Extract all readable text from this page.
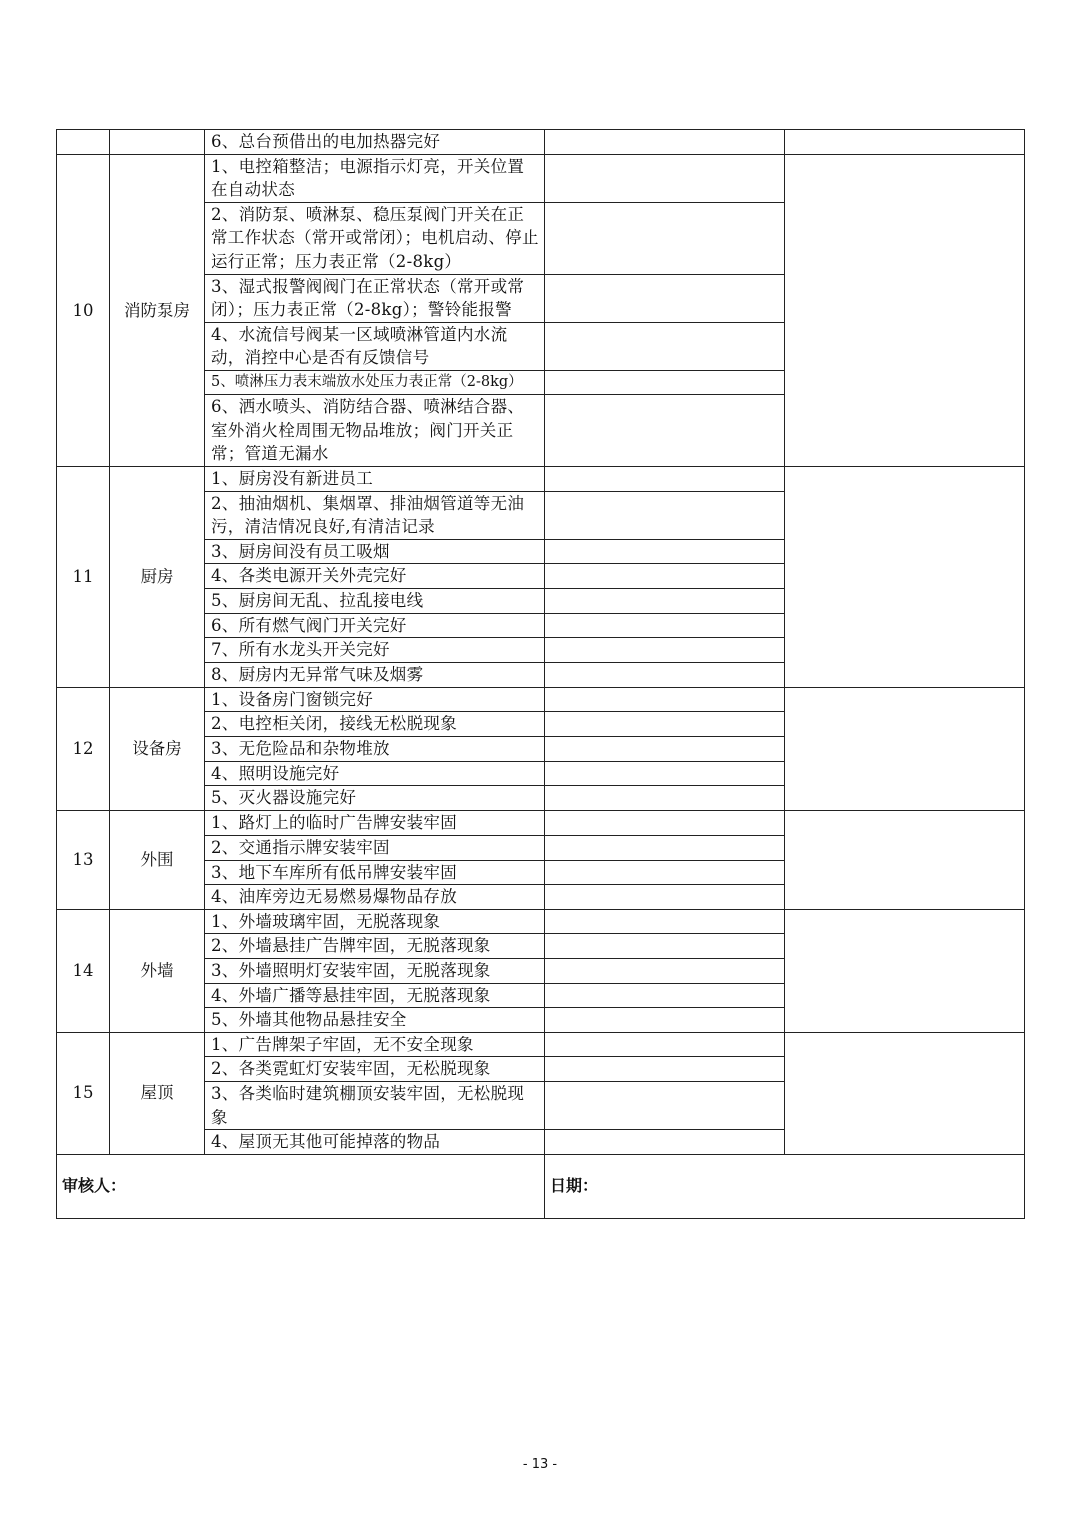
		6、总台预借出的电加热器完好		
10	消防泵房	1、电控箱整洁；电源指示灯亮，开关位置在自动状态		
		2、消防泵、喷淋泵、稳压泵阀门开关在正常工作状态（常开或常闭）；电机启动、停止运行正常；压力表正常（2-8kg）		
		3、湿式报警阀阀门在正常状态（常开或常闭）；压力表正常（2-8kg）；警铃能报警		
		4、水流信号阀某一区域喷淋管道内水流动，消控中心是否有反馈信号		
		5、喷淋压力表末端放水处压力表正常（2-8kg）		
		6、洒水喷头、消防结合器、喷淋结合器、室外消火栓周围无物品堆放；阀门开关正常；管道无漏水		
11	厨房	1、厨房没有新进员工		
		2、抽油烟机、集烟罩、排油烟管道等无油污，清洁情况良好,有清洁记录		
		3、厨房间没有员工吸烟		
		4、各类电源开关外壳完好		
		5、厨房间无乱、拉乱接电线		
		6、所有燃气阀门开关完好		
		7、所有水龙头开关完好		
		8、厨房内无异常气味及烟雾		
12	设备房	1、设备房门窗锁完好		
		2、电控柜关闭，接线无松脱现象		
		3、无危险品和杂物堆放		
		4、照明设施完好		
		5、灭火器设施完好		
13	外围	1、路灯上的临时广告牌安装牢固		
		2、交通指示牌安装牢固		
		3、地下车库所有低吊牌安装牢固		
		4、油库旁边无易燃易爆物品存放		
14	外墙	1、外墙玻璃牢固，无脱落现象		
		2、外墙悬挂广告牌牢固，无脱落现象		
		3、外墙照明灯安装牢固，无脱落现象		
		4、外墙广播等悬挂牢固，无脱落现象		
		5、外墙其他物品悬挂安全		
15	屋顶	1、广告牌架子牢固，无不安全现象		
		2、各类霓虹灯安装牢固，无松脱现象		
		3、各类临时建筑棚顶安装牢固，无松脱现象		
		4、屋顶无其他可能掉落的物品		
审核人：			日期：	
- 13 -
